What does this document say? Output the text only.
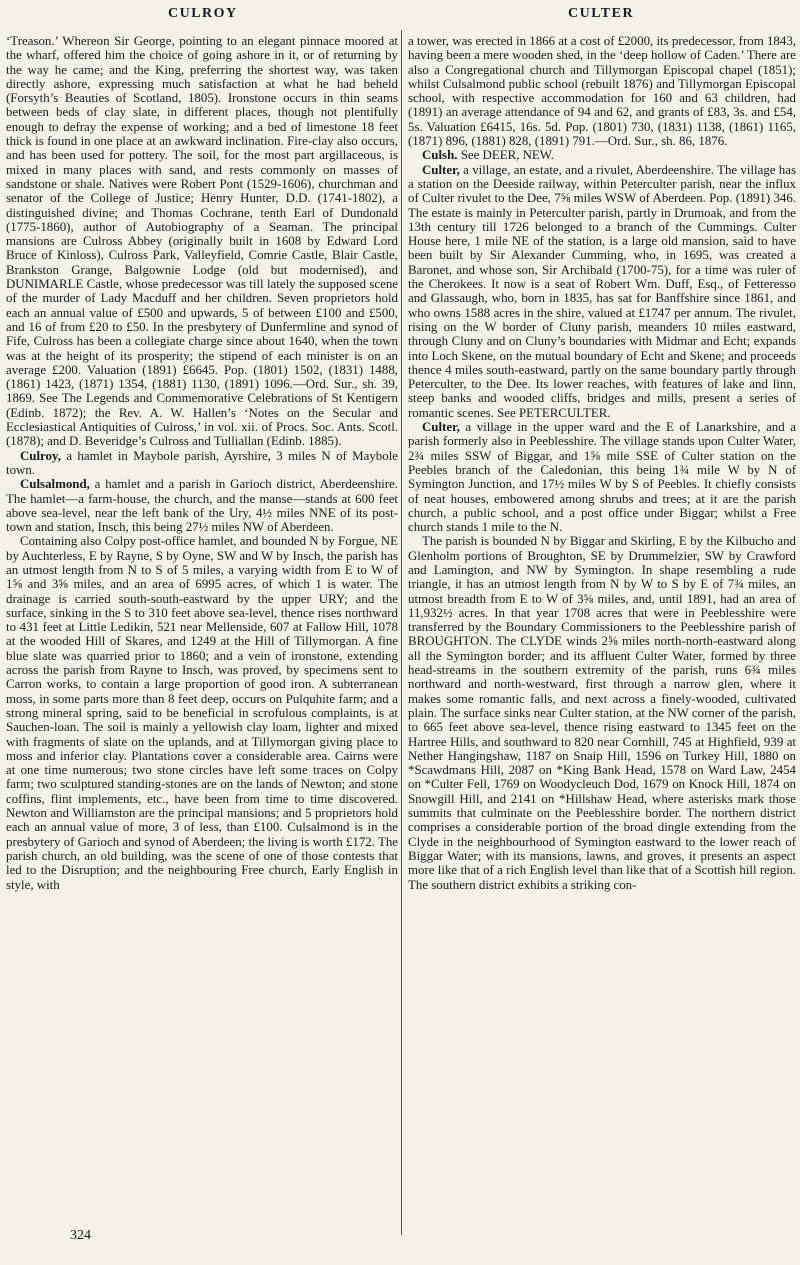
CULROY	CULTER

‘Treason.’ Whereon Sir George, pointing to an elegant pinnace moored at the wharf, offered him the choice of going ashore in it, or of returning by the way he came; and the King, preferring the shortest way, was taken directly ashore, expressing much satisfaction at what he had beheld (Forsyth’s Beauties of Scotland, 1805). Ironstone occurs in thin seams between beds of clay slate, in different places, though not plentifully enough to defray the expense of working; and a bed of limestone 18 feet thick is found in one place at an awkward inclination. Fire-clay also occurs, and has been used for pottery. The soil, for the most part argillaceous, is mixed in many places with sand, and rests commonly on masses of sandstone or shale. Natives were Robert Pont (1529-1606), churchman and senator of the College of Justice; Henry Hunter, D.D. (1741-1802), a distinguished divine; and Thomas Cochrane, tenth Earl of Dundonald (1775-1860), author of Autobiography of a Seaman. The principal mansions are Culross Abbey (originally built in 1608 by Edward Lord Bruce of Kinloss), Culross Park, Valleyfield, Comrie Castle, Blair Castle, Brankston Grange, Balgownie Lodge (old but modernised), and DUNIMARLE Castle, whose predecessor was till lately the supposed scene of the murder of Lady Macduff and her children. Seven proprietors hold each an annual value of £500 and upwards, 5 of between £100 and £500, and 16 of from £20 to £50. In the presbytery of Dunfermline and synod of Fife, Culross has been a collegiate charge since about 1640, when the town was at the height of its prosperity; the stipend of each minister is on an average £200. Valuation (1891) £6645. Pop. (1801) 1502, (1831) 1488, (1861) 1423, (1871) 1354, (1881) 1130, (1891) 1096.—Ord. Sur., sh. 39, 1869. See The Legends and Commemorative Celebrations of St Kentigern (Edinb. 1872); the Rev. A. W. Hallen’s ‘Notes on the Secular and Ecclesiastical Antiquities of Culross,’ in vol. xii. of Procs. Soc. Ants. Scotl. (1878); and D. Beveridge’s Culross and Tulliallan (Edinb. 1885).

Culroy, a hamlet in Maybole parish, Ayrshire, 3 miles N of Maybole town.

Culsalmond, a hamlet and a parish in Garioch district, Aberdeenshire. The hamlet—a farm-house, the church, and the manse—stands at 600 feet above sea-level, near the left bank of the Ury, 4½ miles NNE of its post-town and station, Insch, this being 27½ miles NW of Aberdeen.

Containing also Colpy post-office hamlet, and bounded N by Forgue, NE by Auchterless, E by Rayne, S by Oyne, SW and W by Insch, the parish has an utmost length from N to S of 5 miles, a varying width from E to W of 1⅝ and 3⅝ miles, and an area of 6995 acres, of which 1 is water. The drainage is carried south-south-eastward by the upper URY; and the surface, sinking in the S to 310 feet above sea-level, thence rises northward to 431 feet at Little Ledikin, 521 near Mellenside, 607 at Fallow Hill, 1078 at the wooded Hill of Skares, and 1249 at the Hill of Tillymorgan. A fine blue slate was quarried prior to 1860; and a vein of ironstone, extending across the parish from Rayne to Insch, was proved, by specimens sent to Carron works, to contain a large proportion of good iron. A subterranean moss, in some parts more than 8 feet deep, occurs on Pulquhite farm; and a strong mineral spring, said to be beneficial in scrofulous complaints, is at Sauchen-loan. The soil is mainly a yellowish clay loam, lighter and mixed with fragments of slate on the uplands, and at Tillymorgan giving place to moss and inferior clay. Plantations cover a considerable area. Cairns were at one time numerous; two stone circles have left some traces on Colpy farm; two sculptured standing-stones are on the lands of Newton; and stone coffins, flint implements, etc., have been from time to time discovered. Newton and Williamston are the principal mansions; and 5 proprietors hold each an annual value of more, 3 of less, than £100. Culsalmond is in the presbytery of Garioch and synod of Aberdeen; the living is worth £172. The parish church, an old building, was the scene of one of those contests that led to the Disruption; and the neighbouring Free church, Early English in style, with

a tower, was erected in 1866 at a cost of £2000, its predecessor, from 1843, having been a mere wooden shed, in the ‘deep hollow of Caden.’ There are also a Congregational church and Tillymorgan Episcopal chapel (1851); whilst Culsalmond public school (rebuilt 1876) and Tillymorgan Episcopal school, with respective accommodation for 160 and 63 children, had (1891) an average attendance of 94 and 62, and grants of £83, 3s. and £54, 5s. Valuation £6415, 16s. 5d. Pop. (1801) 730, (1831) 1138, (1861) 1165, (1871) 896, (1881) 828, (1891) 791.—Ord. Sur., sh. 86, 1876.

Culsh. See DEER, NEW.

Culter, a village, an estate, and a rivulet, Aberdeenshire. The village has a station on the Deeside railway, within Peterculter parish, near the influx of Culter rivulet to the Dee, 7⅝ miles WSW of Aberdeen. Pop. (1891) 346. The estate is mainly in Peterculter parish, partly in Drumoak, and from the 13th century till 1726 belonged to a branch of the Cummings. Culter House here, 1 mile NE of the station, is a large old mansion, said to have been built by Sir Alexander Cumming, who, in 1695, was created a Baronet, and whose son, Sir Archibald (1700-75), for a time was ruler of the Cherokees. It now is a seat of Robert Wm. Duff, Esq., of Fetteresso and Glassaugh, who, born in 1835, has sat for Banffshire since 1861, and who owns 1588 acres in the shire, valued at £1747 per annum. The rivulet, rising on the W border of Cluny parish, meanders 10 miles eastward, through Cluny and on Cluny’s boundaries with Midmar and Echt; expands into Loch Skene, on the mutual boundary of Echt and Skene; and proceeds thence 4 miles south-eastward, partly on the same boundary partly through Peterculter, to the Dee. Its lower reaches, with features of lake and linn, steep banks and wooded cliffs, bridges and mills, present a series of romantic scenes. See PETERCULTER.

Culter, a village in the upper ward and the E of Lanarkshire, and a parish formerly also in Peeblesshire. The village stands upon Culter Water, 2¾ miles SSW of Biggar, and 1⅝ mile SSE of Culter station on the Peebles branch of the Caledonian, this being 1¾ mile W by N of Symington Junction, and 17½ miles W by S of Peebles. It chiefly consists of neat houses, embowered among shrubs and trees; at it are the parish church, a public school, and a post office under Biggar; whilst a Free church stands 1 mile to the N.

The parish is bounded N by Biggar and Skirling, E by the Kilbucho and Glenholm portions of Broughton, SE by Drummelzier, SW by Crawford and Lamington, and NW by Symington. In shape resembling a rude triangle, it has an utmost length from N by W to S by E of 7¾ miles, an utmost breadth from E to W of 3⅝ miles, and, until 1891, had an area of 11,932½ acres. In that year 1708 acres that were in Peeblesshire were transferred by the Boundary Commissioners to the Peeblesshire parish of BROUGHTON. The CLYDE winds 2⅝ miles north-north-eastward along all the Symington border; and its affluent Culter Water, formed by three head-streams in the southern extremity of the parish, runs 6¾ miles northward and north-westward, first through a narrow glen, where it makes some romantic falls, and next across a finely-wooded, cultivated plain. The surface sinks near Culter station, at the NW corner of the parish, to 665 feet above sea-level, thence rising eastward to 1345 feet on the Hartree Hills, and southward to 820 near Cornhill, 745 at Highfield, 939 at Nether Hangingshaw, 1187 on Snaip Hill, 1596 on Turkey Hill, 1880 on *Scawdmans Hill, 2087 on *King Bank Head, 1578 on Ward Law, 2454 on *Culter Fell, 1769 on Woodycleuch Dod, 1679 on Knock Hill, 1874 on Snowgill Hill, and 2141 on *Hillshaw Head, where asterisks mark those summits that culminate on the Peeblesshire border. The northern district comprises a considerable portion of the broad dingle extending from the Clyde in the neighbourhood of Symington eastward to the lower reach of Biggar Water; with its mansions, lawns, and groves, it presents an aspect more like that of a rich English level than like that of a Scottish hill region. The southern district exhibits a striking con-

324
